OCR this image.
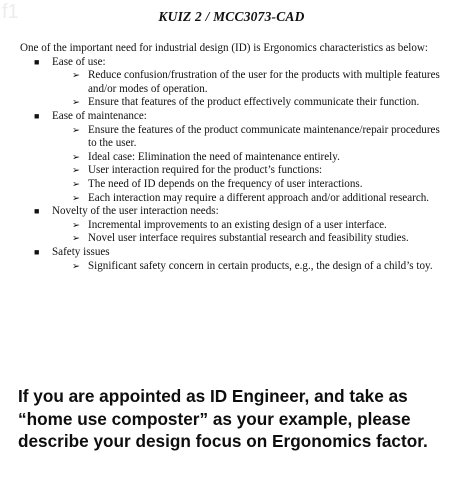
f1	KUIZ 2 / MCC3073-CAD

One of the important need for industrial design (ID) is Ergonomics characteristics as below:

■ Ease of use:
➢ Reduce confusion/frustration of the user for the products with multiple features and/or modes of operation.
➢ Ensure that features of the product effectively communicate their function.
■ Ease of maintenance:
➢ Ensure the features of the product communicate maintenance/repair procedures to the user.
➢ Ideal case: Elimination the need of maintenance entirely.
➢ User interaction required for the product’s functions:
➢ The need of ID depends on the frequency of user interactions.
➢ Each interaction may require a different approach and/or additional research.
■ Novelty of the user interaction needs:
➢ Incremental improvements to an existing design of a user interface.
➢ Novel user interface requires substantial research and feasibility studies.
■ Safety issues
➢ Significant safety concern in certain products, e.g., the design of a child’s toy.
If you are appointed as ID Engineer, and take as “home use composter” as your example, please describe your design focus on Ergonomics factor.
